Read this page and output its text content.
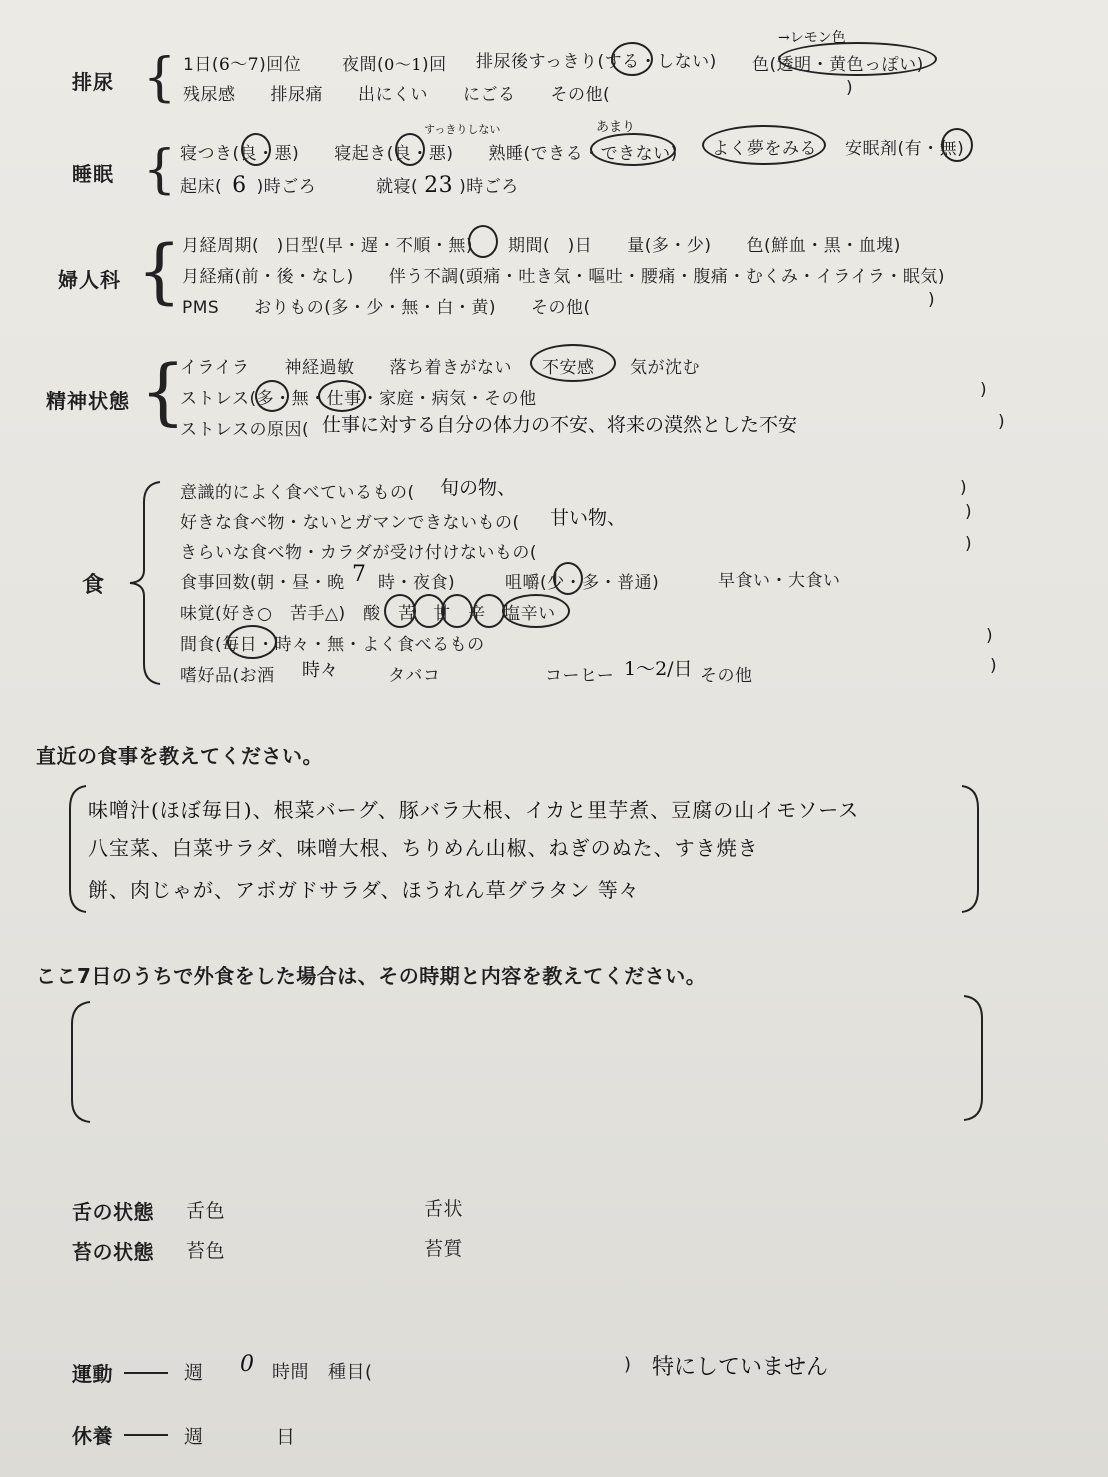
排尿 { 1日(6〜7)回位 夜間(0〜1)回 排尿後すっきり(する・しない)
→レモン色
色(透明・黄色っぽい)
残尿感　　排尿痛　　出にくい　　にごる　　その他(	)
睡眠 {
すっきりしない	あまり
寝つき(良・悪)　　寝起き(良・悪)　　熟睡(できる・できない) よく夢をみる 安眠剤(有・無)
起床( 6 )時ごろ	就寝( 23 )時ごろ
婦人科 { 月経周期(　)日型(早・遅・不順・無)　　期間(　)日　　量(多・少)　　色(鮮血・黒・血塊)
月経痛(前・後・なし)　　伴う不調(頭痛・吐き気・嘔吐・腰痛・腹痛・むくみ・イライラ・眠気)
PMS　　おりもの(多・少・無・白・黄)　　その他(	)
精神状態 {
イライラ　　神経過敏　　落ち着きがない 不安感 気が沈む
ストレス(多・無・仕事・家庭・病気・その他	)
ストレスの原因( 仕事に対する自分の体力の不安、将来の漠然とした不安	)
食
意識的によく食べているもの( 旬の物、	)
好きな食べ物・ないとガマンできないもの( 甘い物、	)
きらいな食べ物・カラダが受け付けないもの(	)
食事回数(朝・昼・晩 7 時・夜食)	咀嚼(少・多・普通)	早食い・大食い
味覚(好き○　苦手△)　酸　苦　甘　辛　塩辛い
間食(毎日・時々・無・よく食べるもの	)
嗜好品(お酒 時々	タバコ	コーヒー 1〜2/日 その他	)
直近の食事を教えてください。
味噌汁(ほぼ毎日)、根菜バーグ、豚バラ大根、イカと里芋煮、豆腐の山イモソース
八宝菜、白菜サラダ、味噌大根、ちりめん山椒、ねぎのぬた、すき焼き
餅、肉じゃが、アボガドサラダ、ほうれん草グラタン 等々
ここ7日のうちで外食をした場合は、その時期と内容を教えてください。
舌の状態 舌色	舌状
苔の状態 苔色	苔質
運動	週 0 時間 種目(	) 特にしていません
休養	週	日
